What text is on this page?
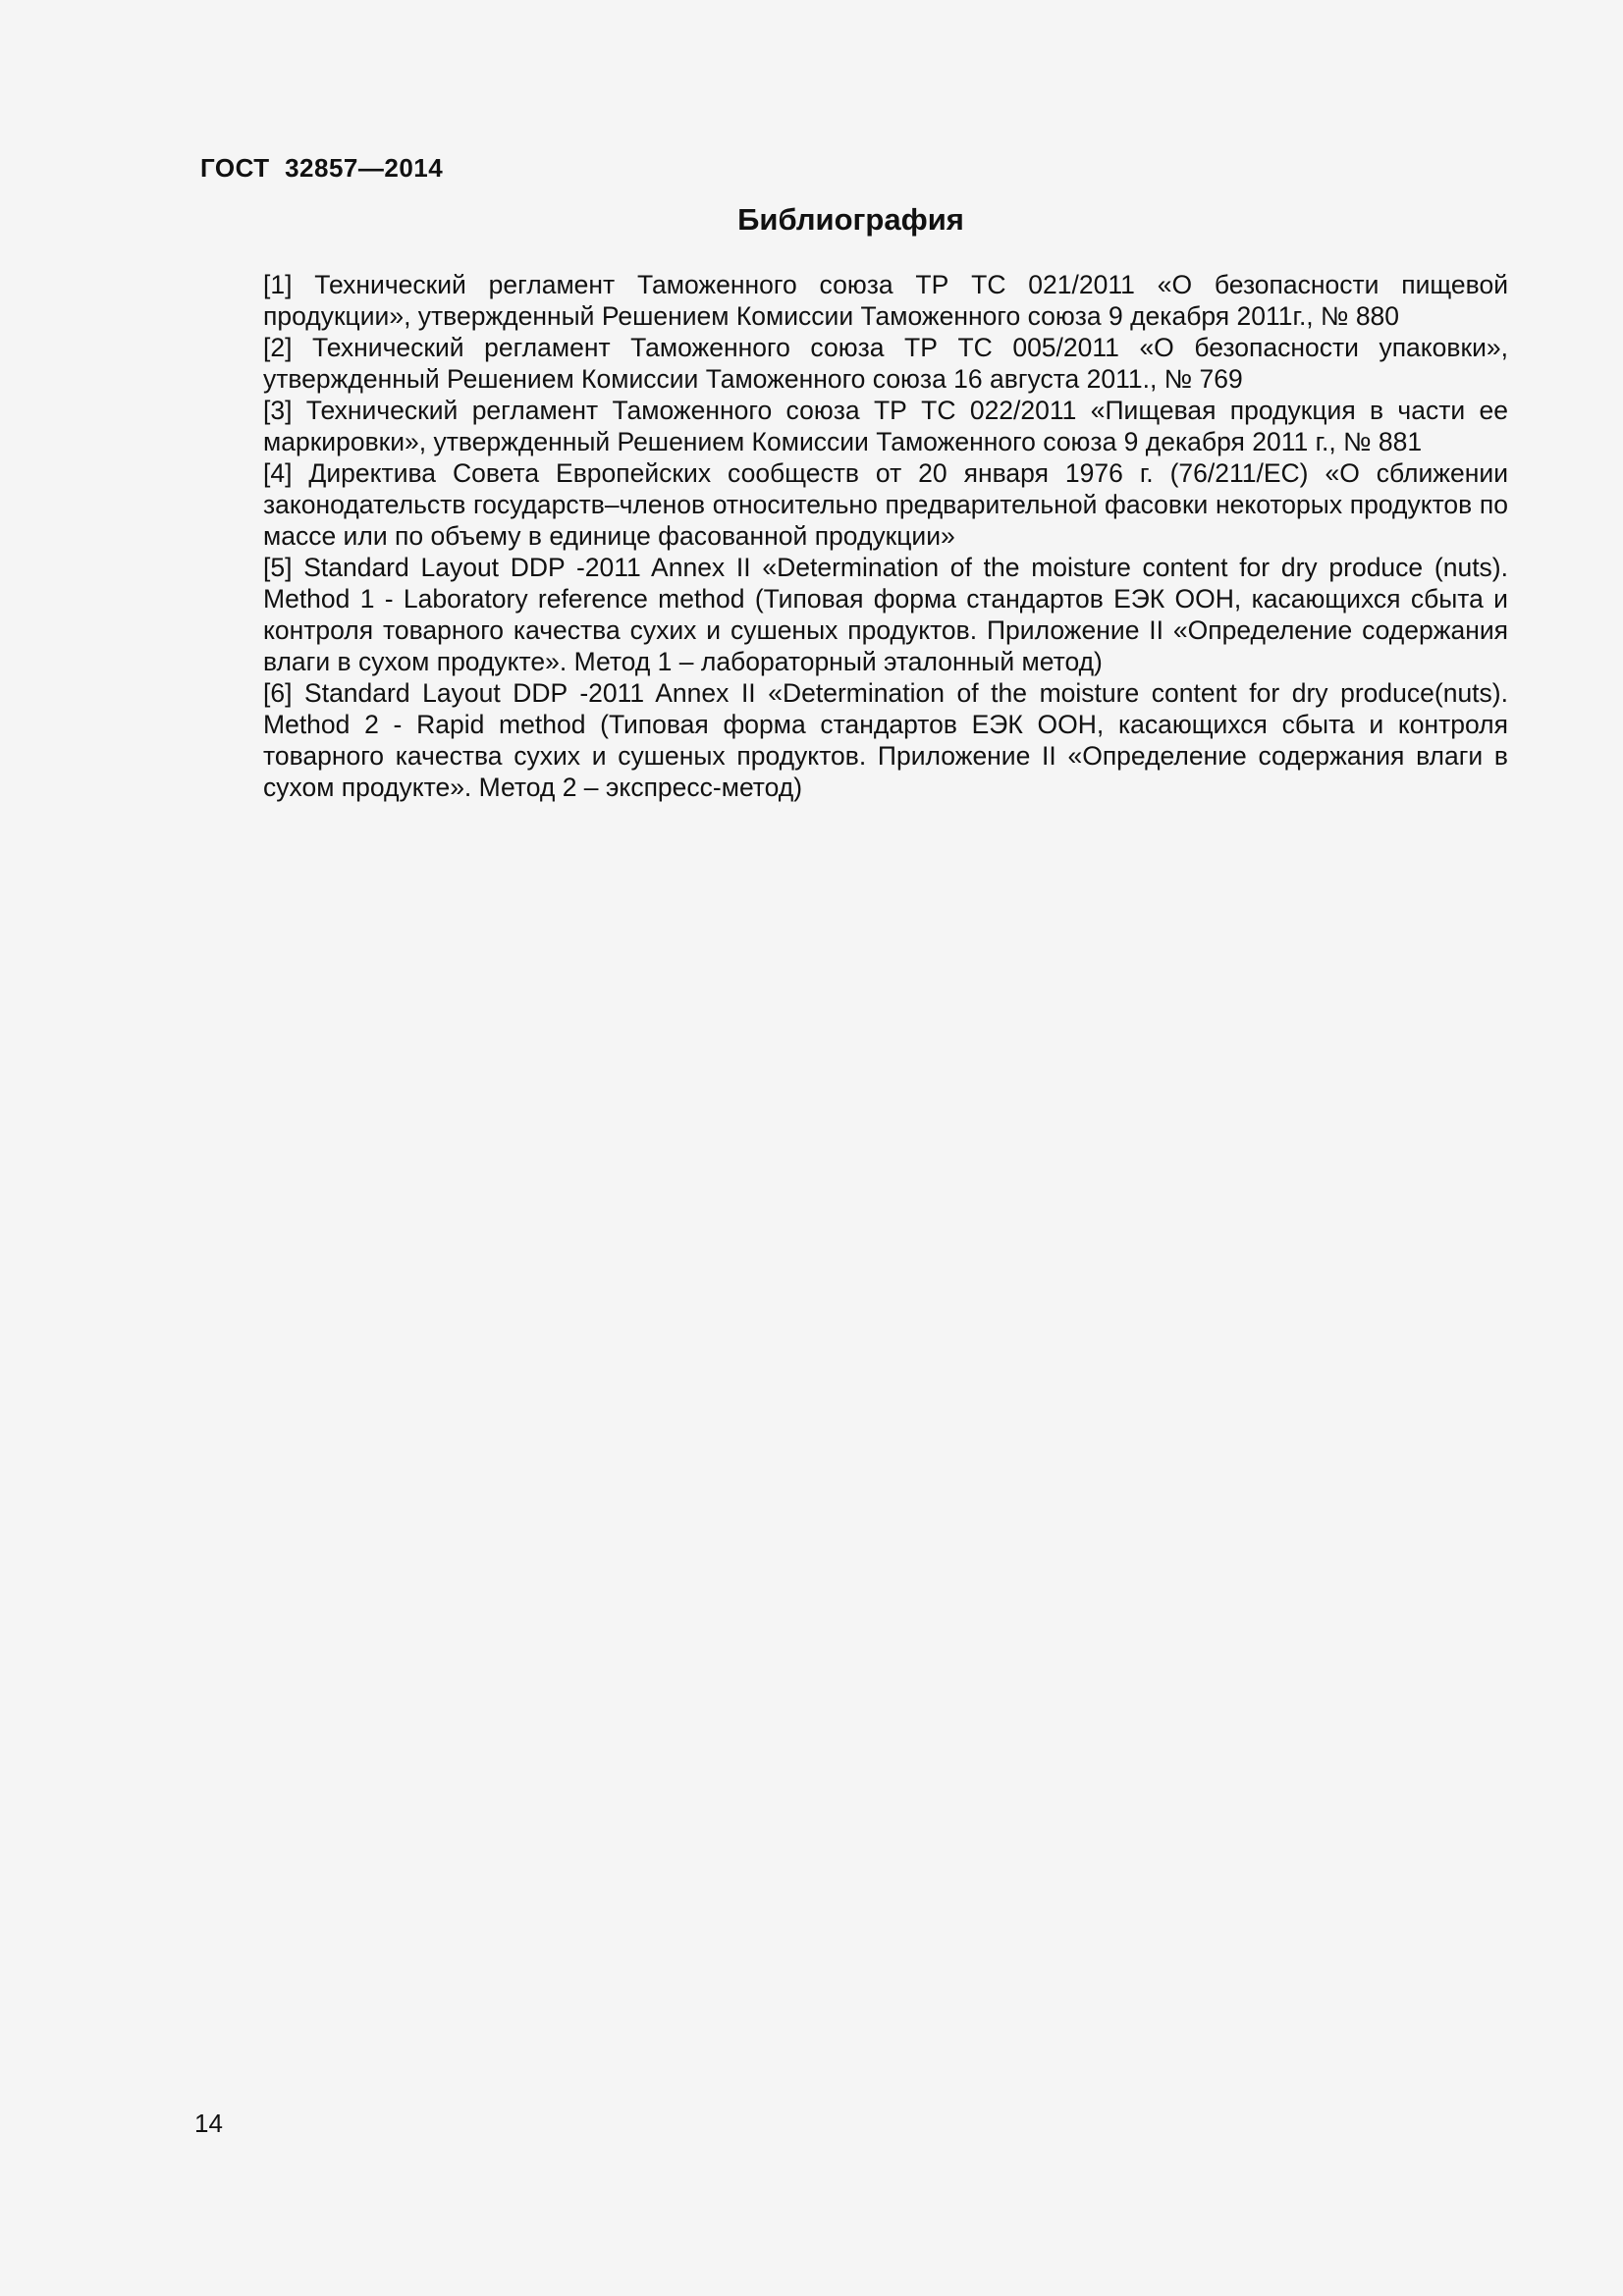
ГОСТ  32857—2014
Библиография
[1] Технический регламент Таможенного союза ТР ТС 021/2011 «О безопасности пищевой продукции», утвержденный Решением Комиссии Таможенного союза 9 декабря 2011г., № 880
[2] Технический регламент Таможенного союза ТР ТС 005/2011 «О безопасности упаковки», утвержденный Решением Комиссии Таможенного союза 16 августа 2011., № 769
[3] Технический регламент Таможенного союза ТР ТС 022/2011 «Пищевая продукция в части ее маркировки», утвержденный Решением Комиссии Таможенного союза 9 декабря 2011 г., № 881
[4] Директива Совета Европейских сообществ от 20 января 1976 г. (76/211/ЕС) «О сближении законодательств государств–членов относительно предварительной фасовки некоторых продуктов по массе или по объему в единице фасованной продукции»
[5] Standard Layout DDP -2011 Annex II «Determination of the moisture content for dry produce (nuts). Method 1 - Laboratory reference method (Типовая форма стандартов ЕЭК ООН, касающихся сбыта и контроля товарного качества сухих и сушеных продуктов. Приложение II «Определение содержания влаги в сухом продукте». Метод 1 – лабораторный эталонный метод)
[6] Standard Layout DDP -2011 Annex II «Determination of the moisture content for dry produce(nuts). Method 2 - Rapid method (Типовая форма стандартов ЕЭК ООН, касающихся сбыта и контроля товарного качества сухих и сушеных продуктов. Приложение II «Определение содержания влаги в сухом продукте». Метод 2 – экспресс-метод)
14
